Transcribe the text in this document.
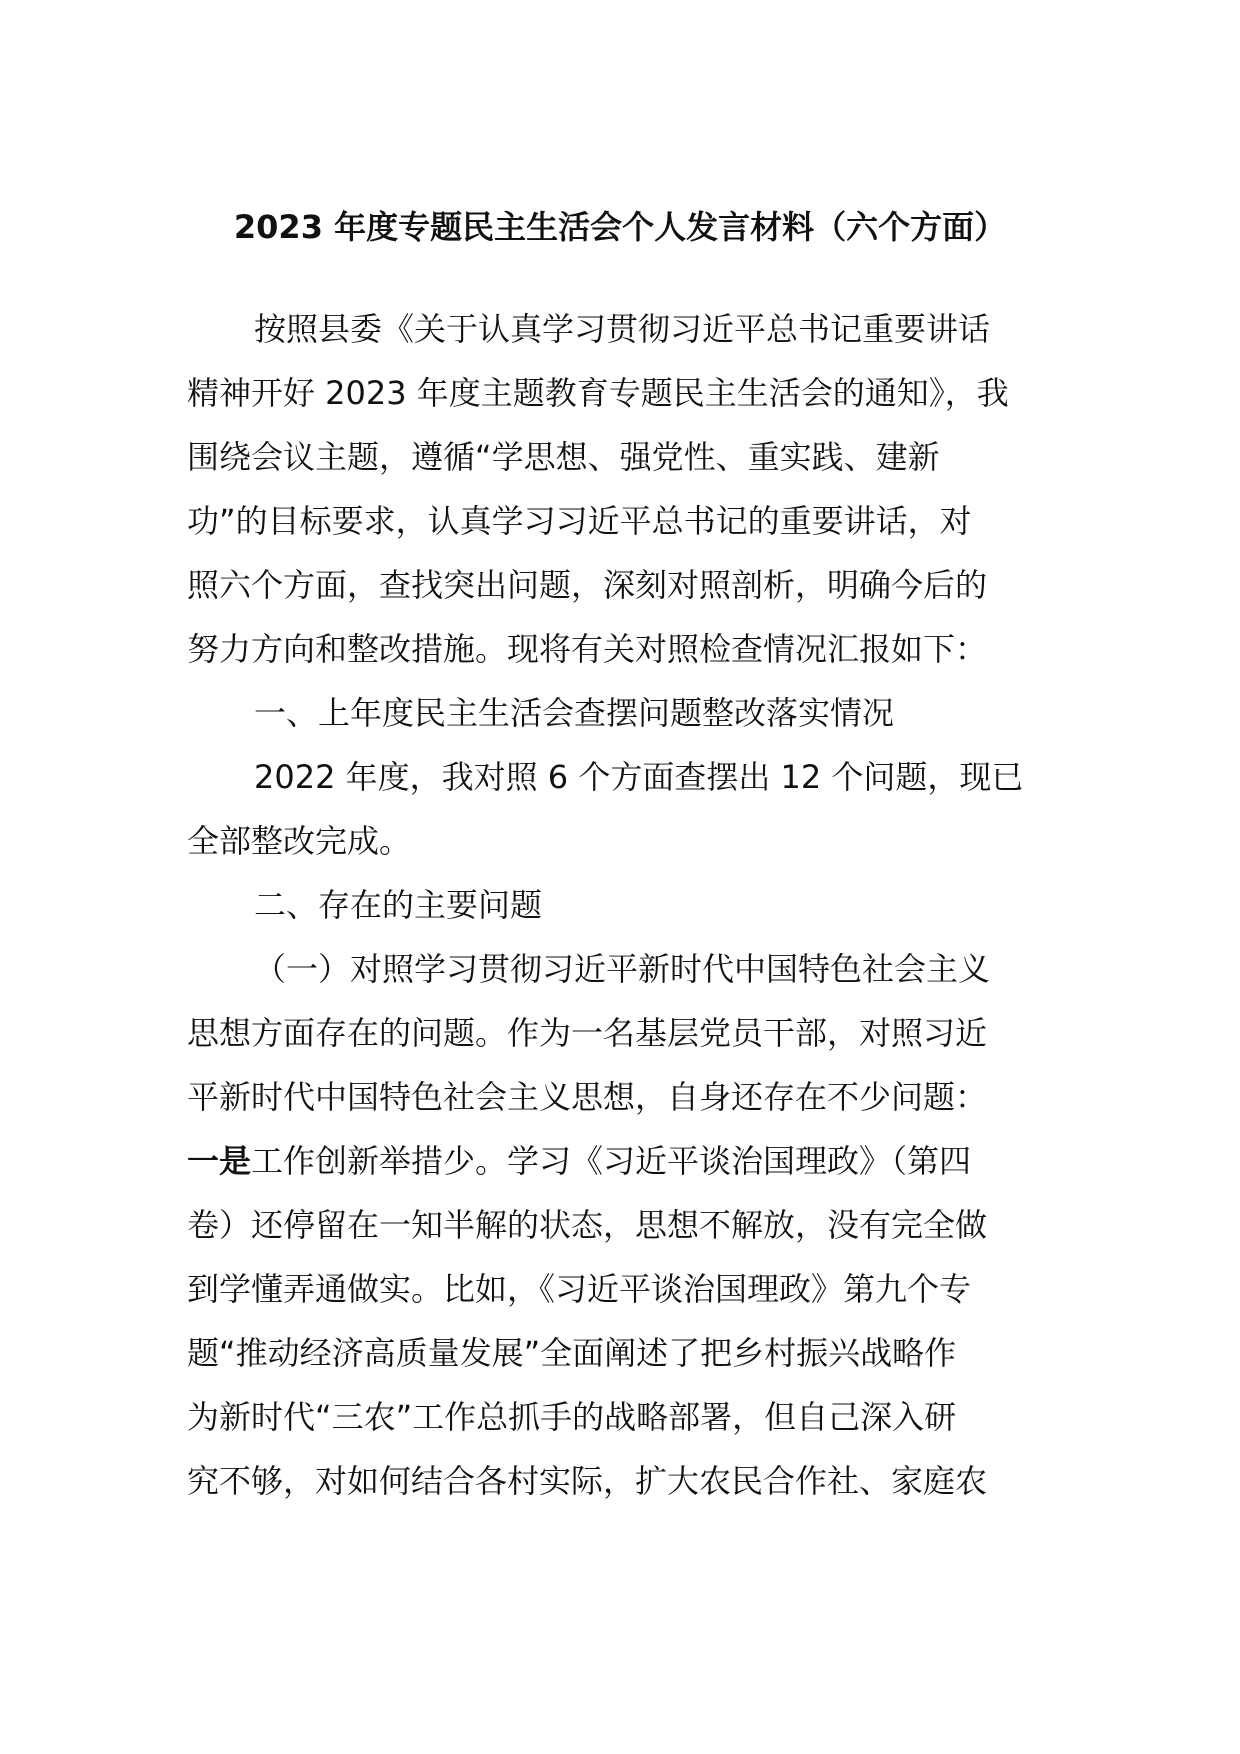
2023 年度专题民主生活会个人发言材料（六个方面）
按照县委《关于认真学习贯彻习近平总书记重要讲话
精神开好 2023 年度主题教育专题民主生活会的通知》，我
围绕会议主题，遵循“学思想、强党性、重实践、建新
功”的目标要求，认真学习习近平总书记的重要讲话，对
照六个方面，查找突出问题，深刻对照剖析，明确今后的
努力方向和整改措施。现将有关对照检查情况汇报如下：
一、上年度民主生活会查摆问题整改落实情况
2022 年度，我对照 6 个方面查摆出 12 个问题，现已
全部整改完成。
二、存在的主要问题
（一）对照学习贯彻习近平新时代中国特色社会主义
思想方面存在的问题。作为一名基层党员干部，对照习近
平新时代中国特色社会主义思想，自身还存在不少问题：
一是工作创新举措少。学习《习近平谈治国理政》（第四
卷）还停留在一知半解的状态，思想不解放，没有完全做
到学懂弄通做实。比如，《习近平谈治国理政》第九个专
题“推动经济高质量发展”全面阐述了把乡村振兴战略作
为新时代“三农”工作总抓手的战略部署，但自己深入研
究不够，对如何结合各村实际，扩大农民合作社、家庭农
